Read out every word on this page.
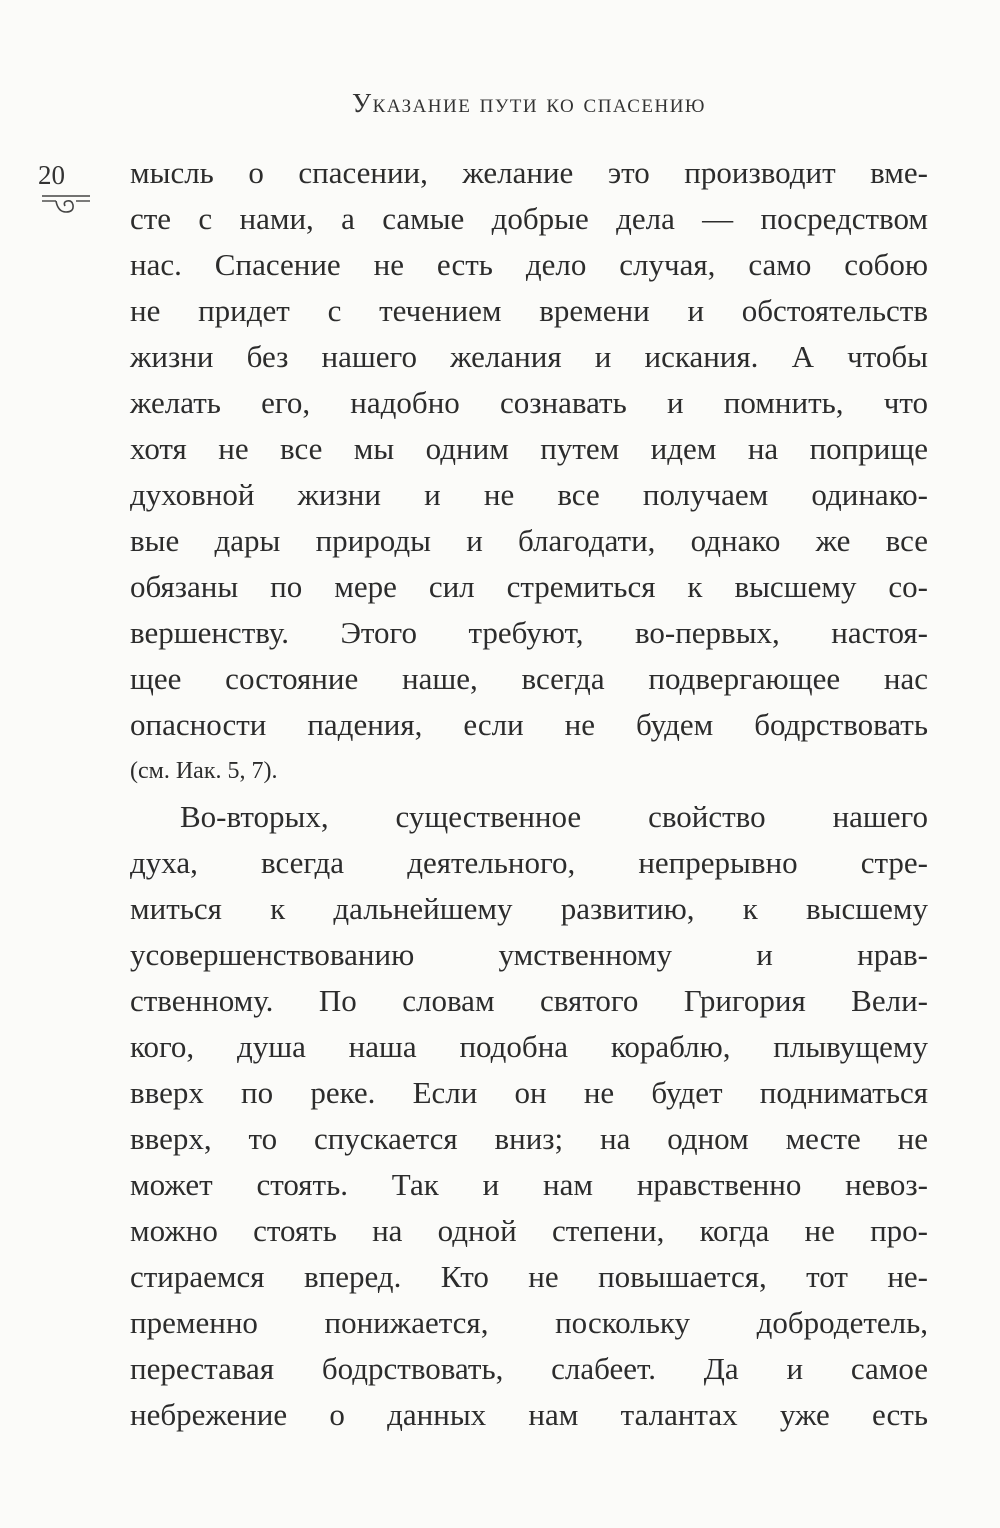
Указание пути ко спасению
20 мысль о спасении, желание это производит вме-
сте с нами, а самые добрые дела — посредством
нас. Спасение не есть дело случая, само собою
не придет с течением времени и обстоятельств
жизни без нашего желания и искания. А чтобы
желать его, надобно сознавать и помнить, что
хотя не все мы одним путем идем на поприще
духовной жизни и не все получаем одинако-
вые дары природы и благодати, однако же все
обязаны по мере сил стремиться к высшему со-
вершенству. Этого требуют, во-первых, настоя-
щее состояние наше, всегда подвергающее нас
опасности падения, если не будем бодрствовать
(см. Иак. 5, 7).
Во-вторых, существенное свойство нашего
духа, всегда деятельного, непрерывно стре-
миться к дальнейшему развитию, к высшему
усовершенствованию умственному и нрав-
ственному. По словам святого Григория Вели-
кого, душа наша подобна кораблю, плывущему
вверх по реке. Если он не будет подниматься
вверх, то спускается вниз; на одном месте не
может стоять. Так и нам нравственно невоз-
можно стоять на одной степени, когда не про-
стираемся вперед. Кто не повышается, тот не-
пременно понижается, поскольку добродетель,
переставая бодрствовать, слабеет. Да и самое
небрежение о данных нам талантах уже есть
